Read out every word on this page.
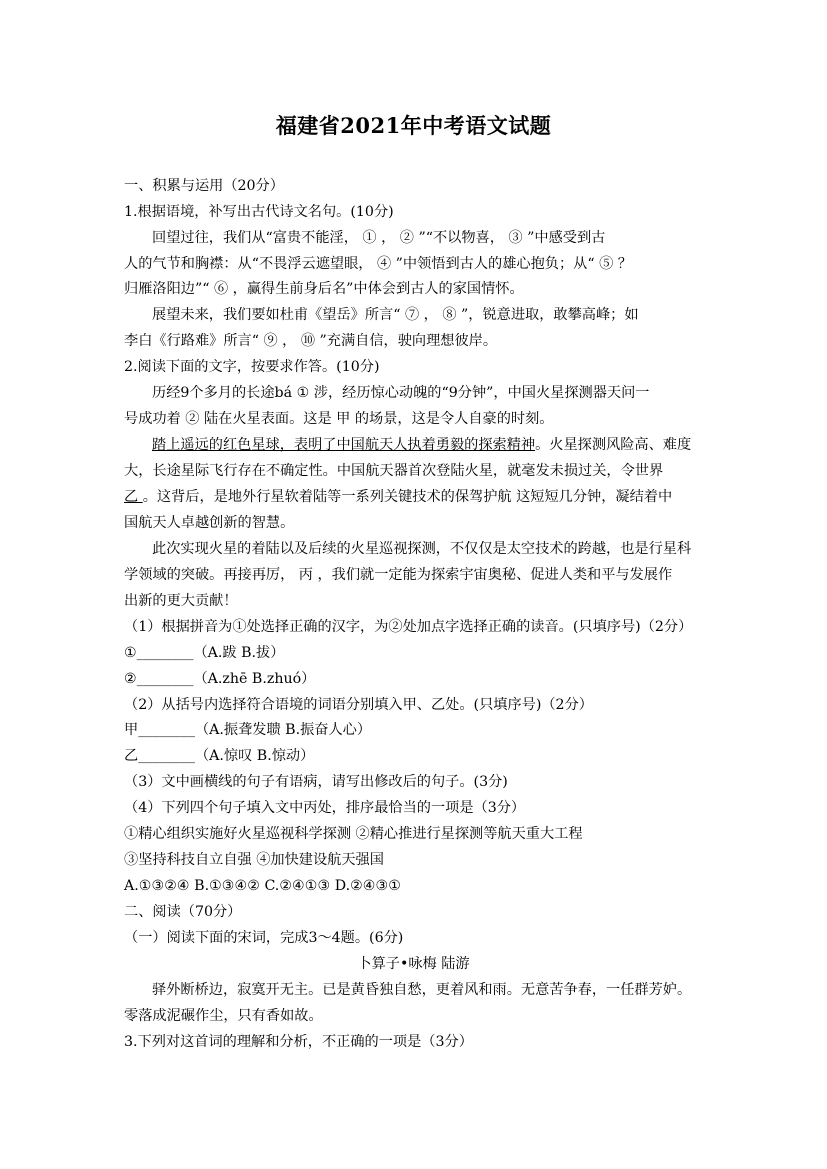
福建省2021年中考语文试题
一、积累与运用（20分）
1.根据语境，补写出古代诗文名句。(10分)
回望过往，我们从“富贵不能淫， ① ， ② ”“不以物喜， ③ ”中感受到古
人的气节和胸襟：从“不畏浮云遮望眼， ④ ”中领悟到古人的雄心抱负；从“ ⑤ ？
归雁洛阳边”“ ⑥ ，赢得生前身后名”中体会到古人的家国情怀。
展望未来，我们要如杜甫《望岳》所言“ ⑦ ， ⑧ ”，锐意进取，敢攀高峰；如
李白《行路难》所言“ ⑨ ， ⑩ ”充满自信，驶向理想彼岸。
2.阅读下面的文字，按要求作答。(10分)
历经9个多月的长途bá ① 涉，经历惊心动魄的“9分钟”，中国火星探测器天问一
号成功着 ② 陆在火星表面。这是 甲 的场景，这是令人自豪的时刻。
踏上遥远的红色星球，表明了中国航天人执着勇毅的探索精神。火星探测风险高、难度
大，长途星际飞行存在不确定性。中国航天器首次登陆火星，就毫发未损过关，令世界
乙 。这背后，是地外行星软着陆等一系列关键技术的保驾护航 这短短几分钟，凝结着中
国航天人卓越创新的智慧。
此次实现火星的着陆以及后续的火星巡视探测，不仅仅是太空技术的跨越，也是行星科
学领域的突破。再接再厉， 丙 ，我们就一定能为探索宇宙奥秘、促进人类和平与发展作
出新的更大贡献！
（1）根据拼音为①处选择正确的汉字，为②处加点字选择正确的读音。(只填序号)（2分）
①________（A.跋 B.拔）
②________（A.zhē B.zhuó）
（2）从括号内选择符合语境的词语分别填入甲、乙处。(只填序号)（2分）
甲________（A.振聋发聩 B.振奋人心）
乙________（A.惊叹 B.惊动）
（3）文中画横线的句子有语病，请写出修改后的句子。(3分)
（4）下列四个句子填入文中丙处，排序最恰当的一项是（3分）
①精心组织实施好火星巡视科学探测 ②精心推进行星探测等航天重大工程
③坚持科技自立自强 ④加快建设航天强国
A.①③②④ B.①③④② C.②④①③ D.②④③①
二、阅读（70分）
（一）阅读下面的宋词，完成3～4题。(6分)
卜算子•咏梅 陆游
驿外断桥边，寂寞开无主。已是黄昏独自愁，更着风和雨。无意苦争春，一任群芳妒。
零落成泥碾作尘，只有香如故。
3.下列对这首词的理解和分析，不正确的一项是（3分）
